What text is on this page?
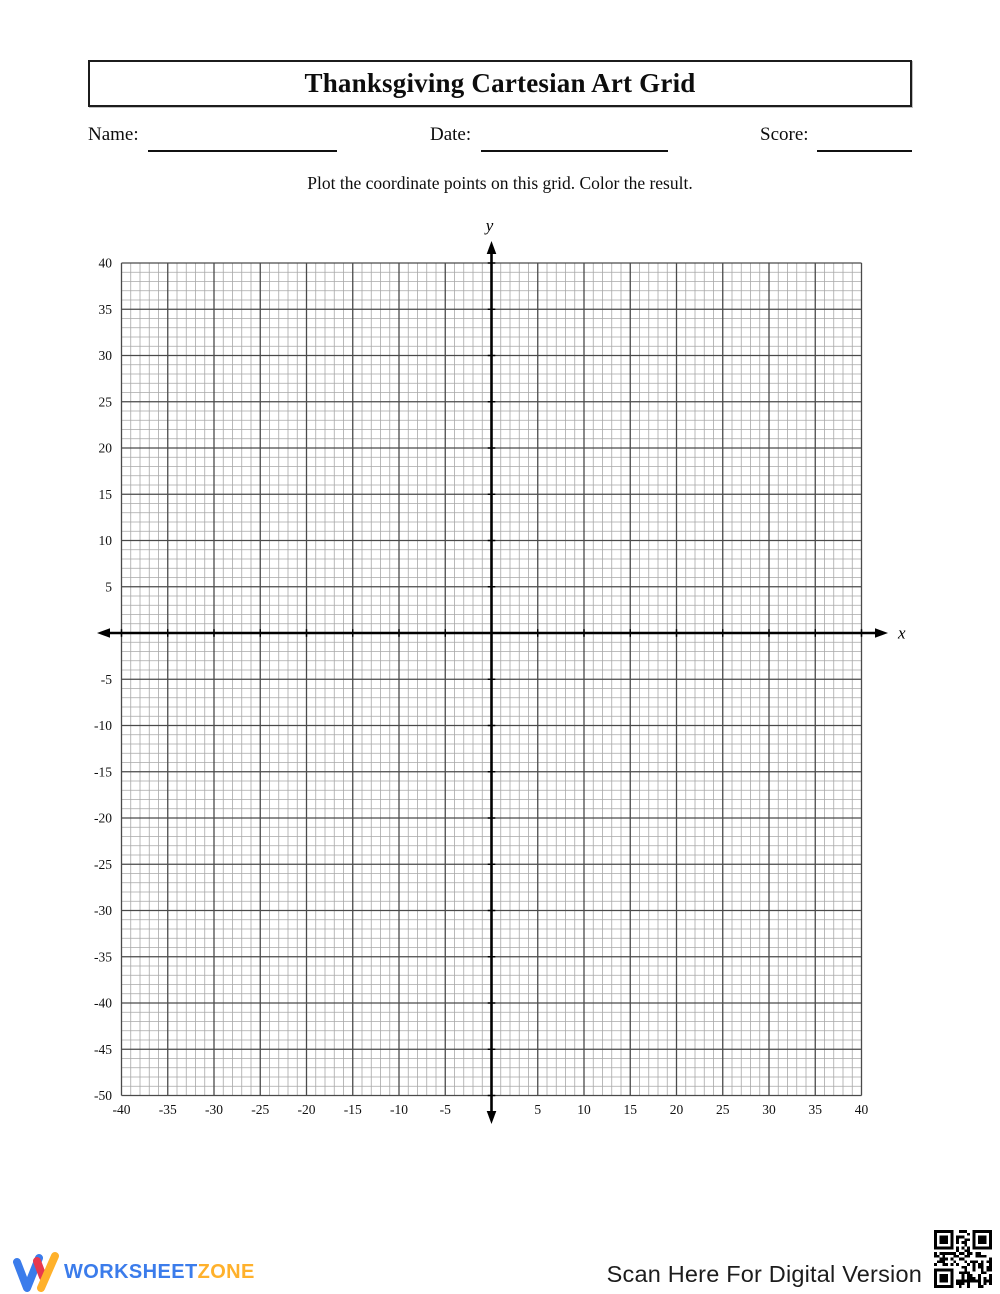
Thanksgiving Cartesian Art Grid
Name:	Date:	Score:

Plot the coordinate points on this grid. Color the result.

40
35
30
25
20
15
10
5
-5
-10
-15
-20
-25
-30
-35
-40
-45
-50
-40 -35 -30 -25 -20 -15 -10 -5	5	10 15 20 25 30 35 40
x
y
WORKSHEETZONE	Scan Here For Digital Version
